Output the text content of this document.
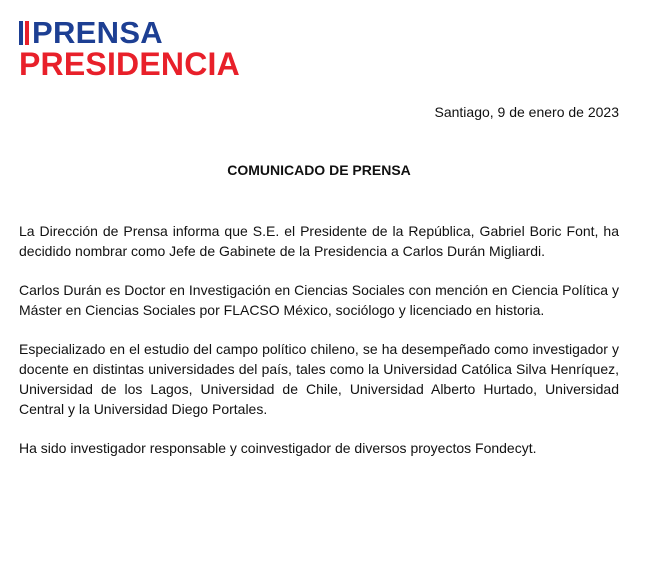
PRENSA
PRESIDENCIA
Santiago, 9 de enero de 2023
COMUNICADO DE PRENSA

La Dirección de Prensa informa que S.E. el Presidente de la República, Gabriel Boric Font, ha decidido nombrar como Jefe de Gabinete de la Presidencia a Carlos Durán Migliardi.

Carlos Durán es Doctor en Investigación en Ciencias Sociales con mención en Ciencia Política y Máster en Ciencias Sociales por FLACSO México, sociólogo y licenciado en historia.

Especializado en el estudio del campo político chileno, se ha desempeñado como investigador y docente en distintas universidades del país, tales como la Universidad Católica Silva Henríquez, Universidad de los Lagos, Universidad de Chile, Universidad Alberto Hurtado, Universidad Central y la Universidad Diego Portales.

Ha sido investigador responsable y coinvestigador de diversos proyectos Fondecyt.
